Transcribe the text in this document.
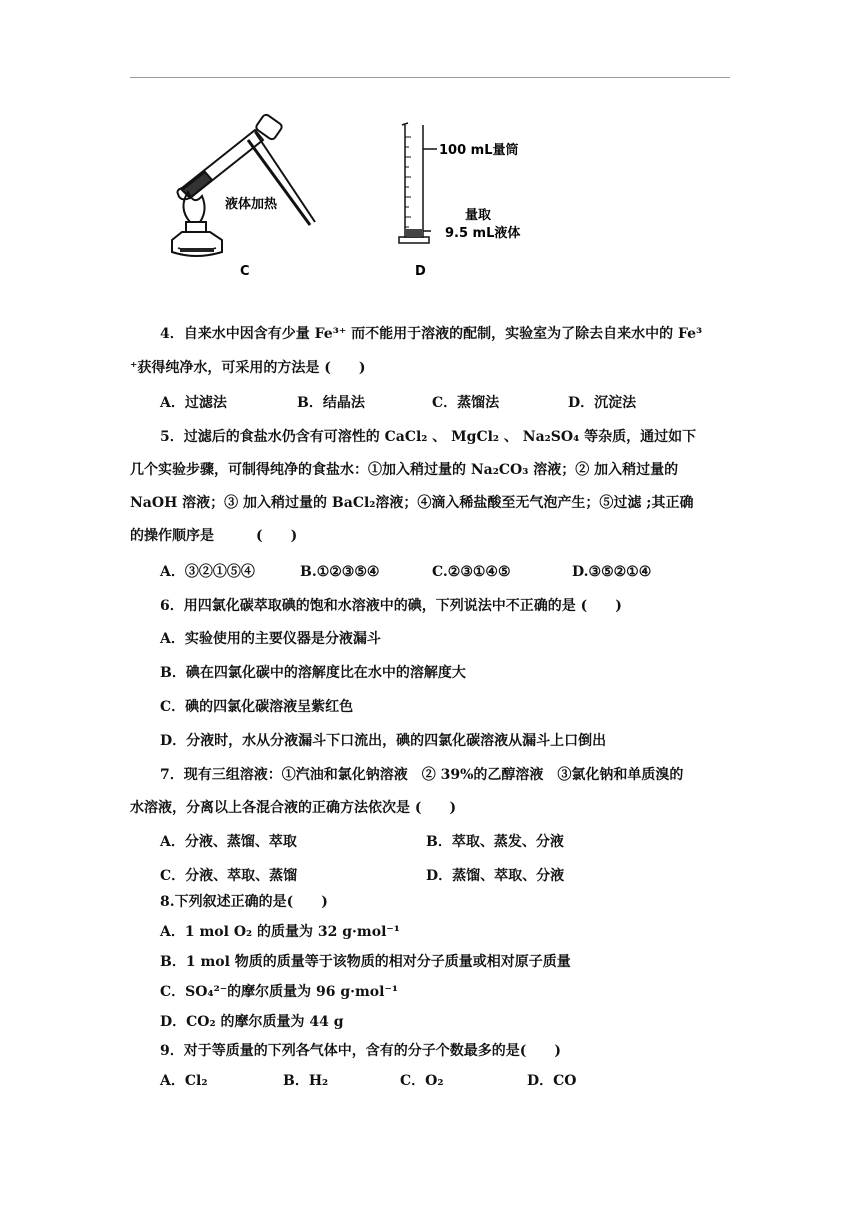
液体加热
C
100 mL量筒
量取
9.5 mL液体
D
4．自来水中因含有少量 Fe³⁺ 而不能用于溶液的配制，实验室为了除去自来水中的 Fe³
⁺获得纯净水，可采用的方法是 (  )
A．过滤法	B．结晶法	C．蒸馏法	D．沉淀法
5．过滤后的食盐水仍含有可溶性的 CaCl₂ 、 MgCl₂ 、 Na₂SO₄ 等杂质，通过如下
几个实验步骤，可制得纯净的食盐水：①加入稍过量的 Na₂CO₃ 溶液；② 加入稍过量的
NaOH 溶液；③ 加入稍过量的 BaCl₂溶液；④滴入稀盐酸至无气泡产生；⑤过滤 ;其正确
的操作顺序是   (  )
A．③②①⑤④	B.①②③⑤④	C.②③①④⑤	D.③⑤②①④
6．用四氯化碳萃取碘的饱和水溶液中的碘，下列说法中不正确的是 (  )
A．实验使用的主要仪器是分液漏斗
B．碘在四氯化碳中的溶解度比在水中的溶解度大
C．碘的四氯化碳溶液呈紫红色
D．分液时，水从分液漏斗下口流出，碘的四氯化碳溶液从漏斗上口倒出
7．现有三组溶液：①汽油和氯化钠溶液 ② 39%的乙醇溶液 ③氯化钠和单质溴的
水溶液，分离以上各混合液的正确方法依次是 (  )
A．分液、蒸馏、萃取	B．萃取、蒸发、分液
C．分液、萃取、蒸馏	D．蒸馏、萃取、分液
8.下列叙述正确的是(  )
A．1 mol O₂ 的质量为 32 g·mol⁻¹
B．1 mol 物质的质量等于该物质的相对分子质量或相对原子质量
C．SO₄²⁻的摩尔质量为 96 g·mol⁻¹
D．CO₂ 的摩尔质量为 44 g
9．对于等质量的下列各气体中，含有的分子个数最多的是(  )
A．Cl₂	B．H₂	C．O₂	D．CO
